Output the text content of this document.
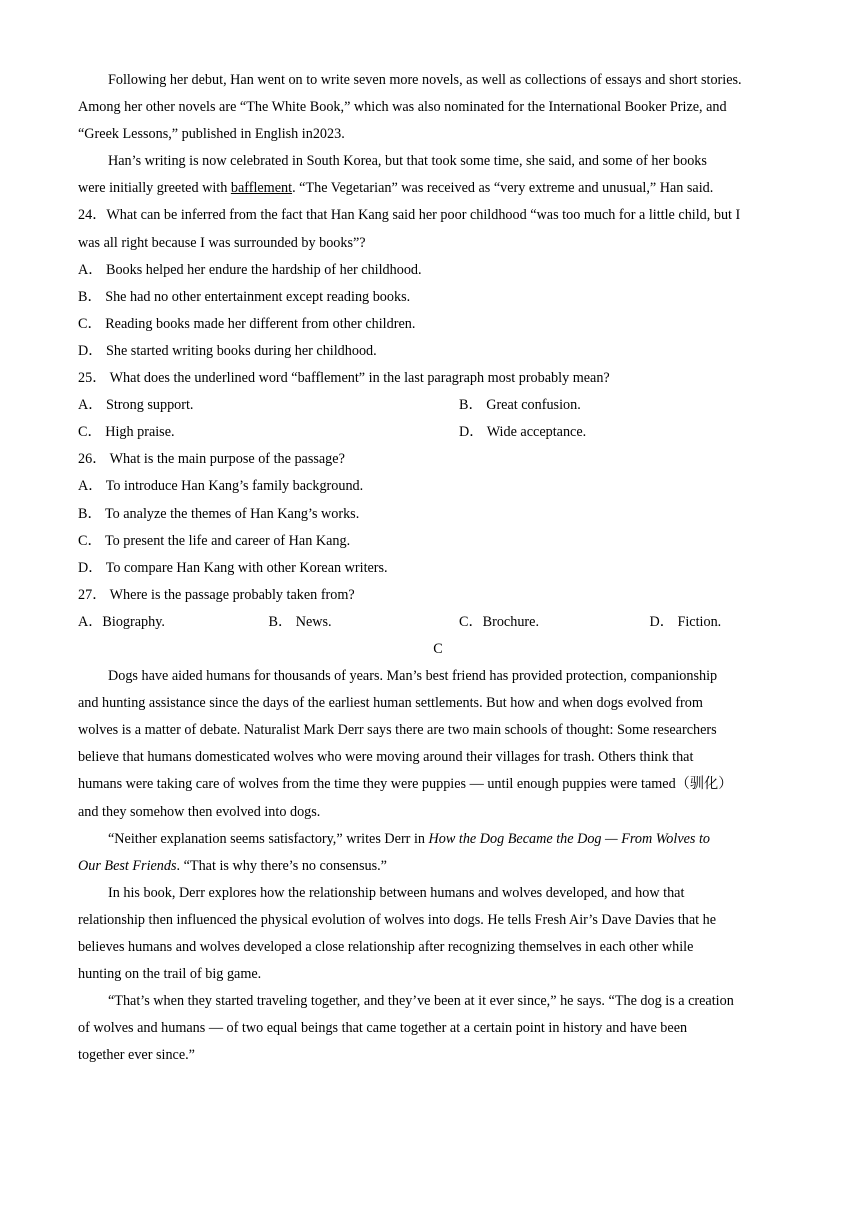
Following her debut, Han went on to write seven more novels, as well as collections of essays and short stories.
Among her other novels are “The White Book,” which was also nominated for the International Booker Prize, and
“Greek Lessons,” published in English in2023.
Han’s writing is now celebrated in South Korea, but that took some time, she said, and some of her books
were initially greeted with bafflement. “The Vegetarian” was received as “very extreme and unusual,” Han said.
24．What can be inferred from the fact that Han Kang said her poor childhood “was too much for a little child, but I
was all right because I was surrounded by books”?
A． Books helped her endure the hardship of her childhood.
B． She had no other entertainment except reading books.
C． Reading books made her different from other children.
D． She started writing books during her childhood.
25． What does the underlined word “bafflement” in the last paragraph most probably mean?
A． Strong support.	B． Great confusion.
C． High praise.	D． Wide acceptance.
26． What is the main purpose of the passage?
A． To introduce Han Kang’s family background.
B． To analyze the themes of Han Kang’s works.
C． To present the life and career of Han Kang.
D． To compare Han Kang with other Korean writers.
27． Where is the passage probably taken from?
A．Biography.	B． News.	C．Brochure.	D． Fiction.
C
Dogs have aided humans for thousands of years. Man’s best friend has provided protection, companionship
and hunting assistance since the days of the earliest human settlements. But how and when dogs evolved from
wolves is a matter of debate. Naturalist Mark Derr says there are two main schools of thought: Some researchers
believe that humans domesticated wolves who were moving around their villages for trash. Others think that
humans were taking care of wolves from the time they were puppies — until enough puppies were tamed（驯化）
and they somehow then evolved into dogs.
“Neither explanation seems satisfactory,” writes Derr in How the Dog Became the Dog — From Wolves to
Our Best Friends. “That is why there’s no consensus.”
In his book, Derr explores how the relationship between humans and wolves developed, and how that
relationship then influenced the physical evolution of wolves into dogs. He tells Fresh Air’s Dave Davies that he
believes humans and wolves developed a close relationship after recognizing themselves in each other while
hunting on the trail of big game.
“That’s when they started traveling together, and they’ve been at it ever since,” he says. “The dog is a creation
of wolves and humans — of two equal beings that came together at a certain point in history and have been
together ever since.”
